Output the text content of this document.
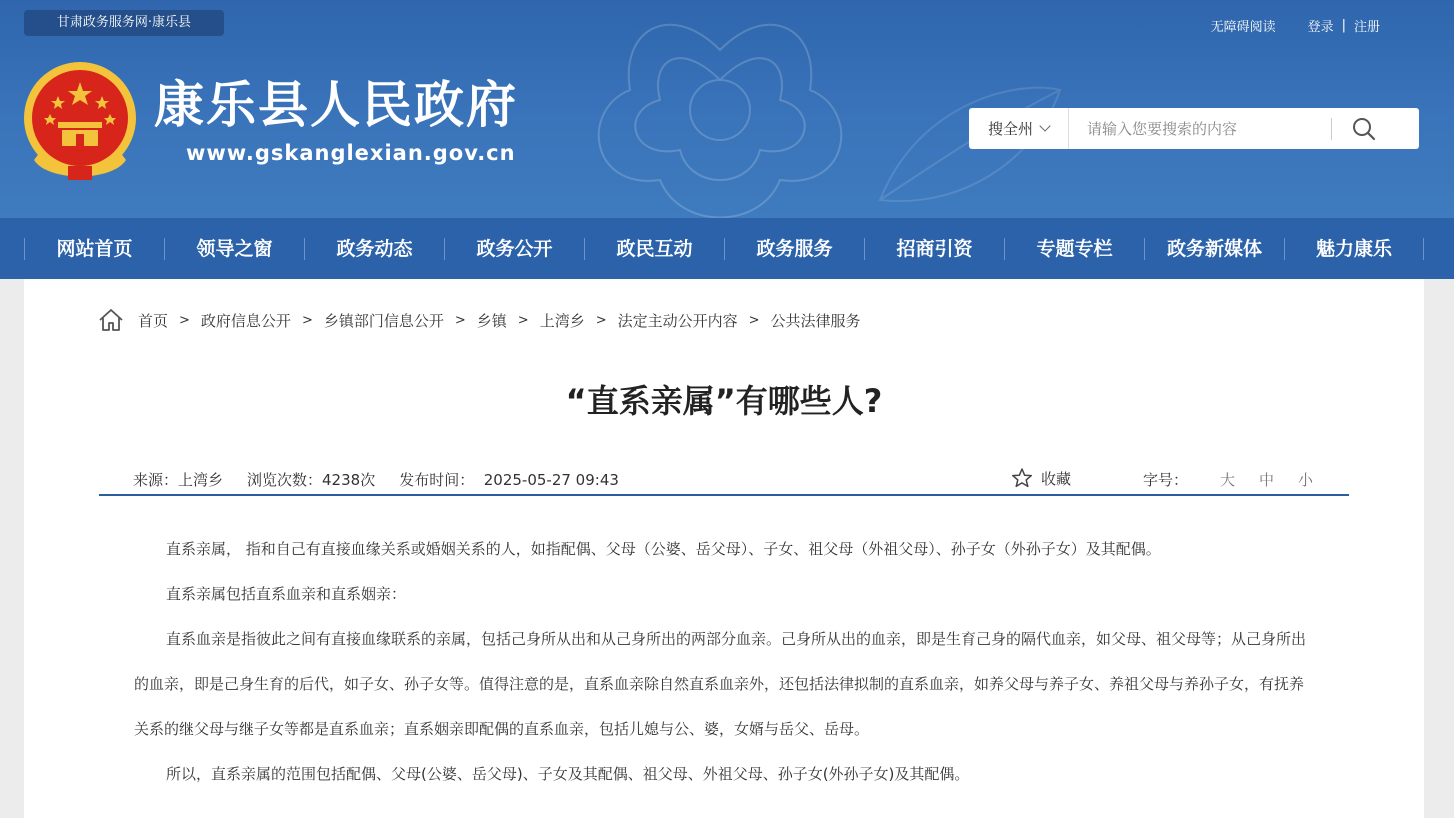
甘肃政务服务网·康乐县	无障碍阅读 登录 | 注册
康乐县人民政府
www.gskanglexian.gov.cn
搜全州
请输入您要搜索的内容
网站首页	领导之窗	政务动态	政务公开	政民互动	政务服务	招商引资	专题专栏	政务新媒体	魅力康乐
首页 > 政府信息公开 > 乡镇部门信息公开 > 乡镇 > 上湾乡 > 法定主动公开内容 > 公共法律服务
“直系亲属”有哪些人?
来源：上湾乡 浏览次数：4238次 发布时间：  2025-05-27 09:43	收藏	字号： 大 中 小

直系亲属， 指和自己有直接血缘关系或婚姻关系的人，如指配偶、父母（公婆、岳父母）、子女、祖父母（外祖父母）、孙子女（外孙子女）及其配偶。

直系亲属包括直系血亲和直系姻亲：

直系血亲是指彼此之间有直接血缘联系的亲属，包括己身所从出和从己身所出的两部分血亲。己身所从出的血亲，即是生育己身的隔代血亲，如父母、祖父母等；从己身所出的血亲，即是己身生育的后代，如子女、孙子女等。值得注意的是，直系血亲除自然直系血亲外，还包括法律拟制的直系血亲，如养父母与养子女、养祖父母与养孙子女，有抚养关系的继父母与继子女等都是直系血亲；直系姻亲即配偶的直系血亲，包括儿媳与公、婆，女婿与岳父、岳母。

所以，直系亲属的范围包括配偶、父母(公婆、岳父母)、子女及其配偶、祖父母、外祖父母、孙子女(外孙子女)及其配偶。
